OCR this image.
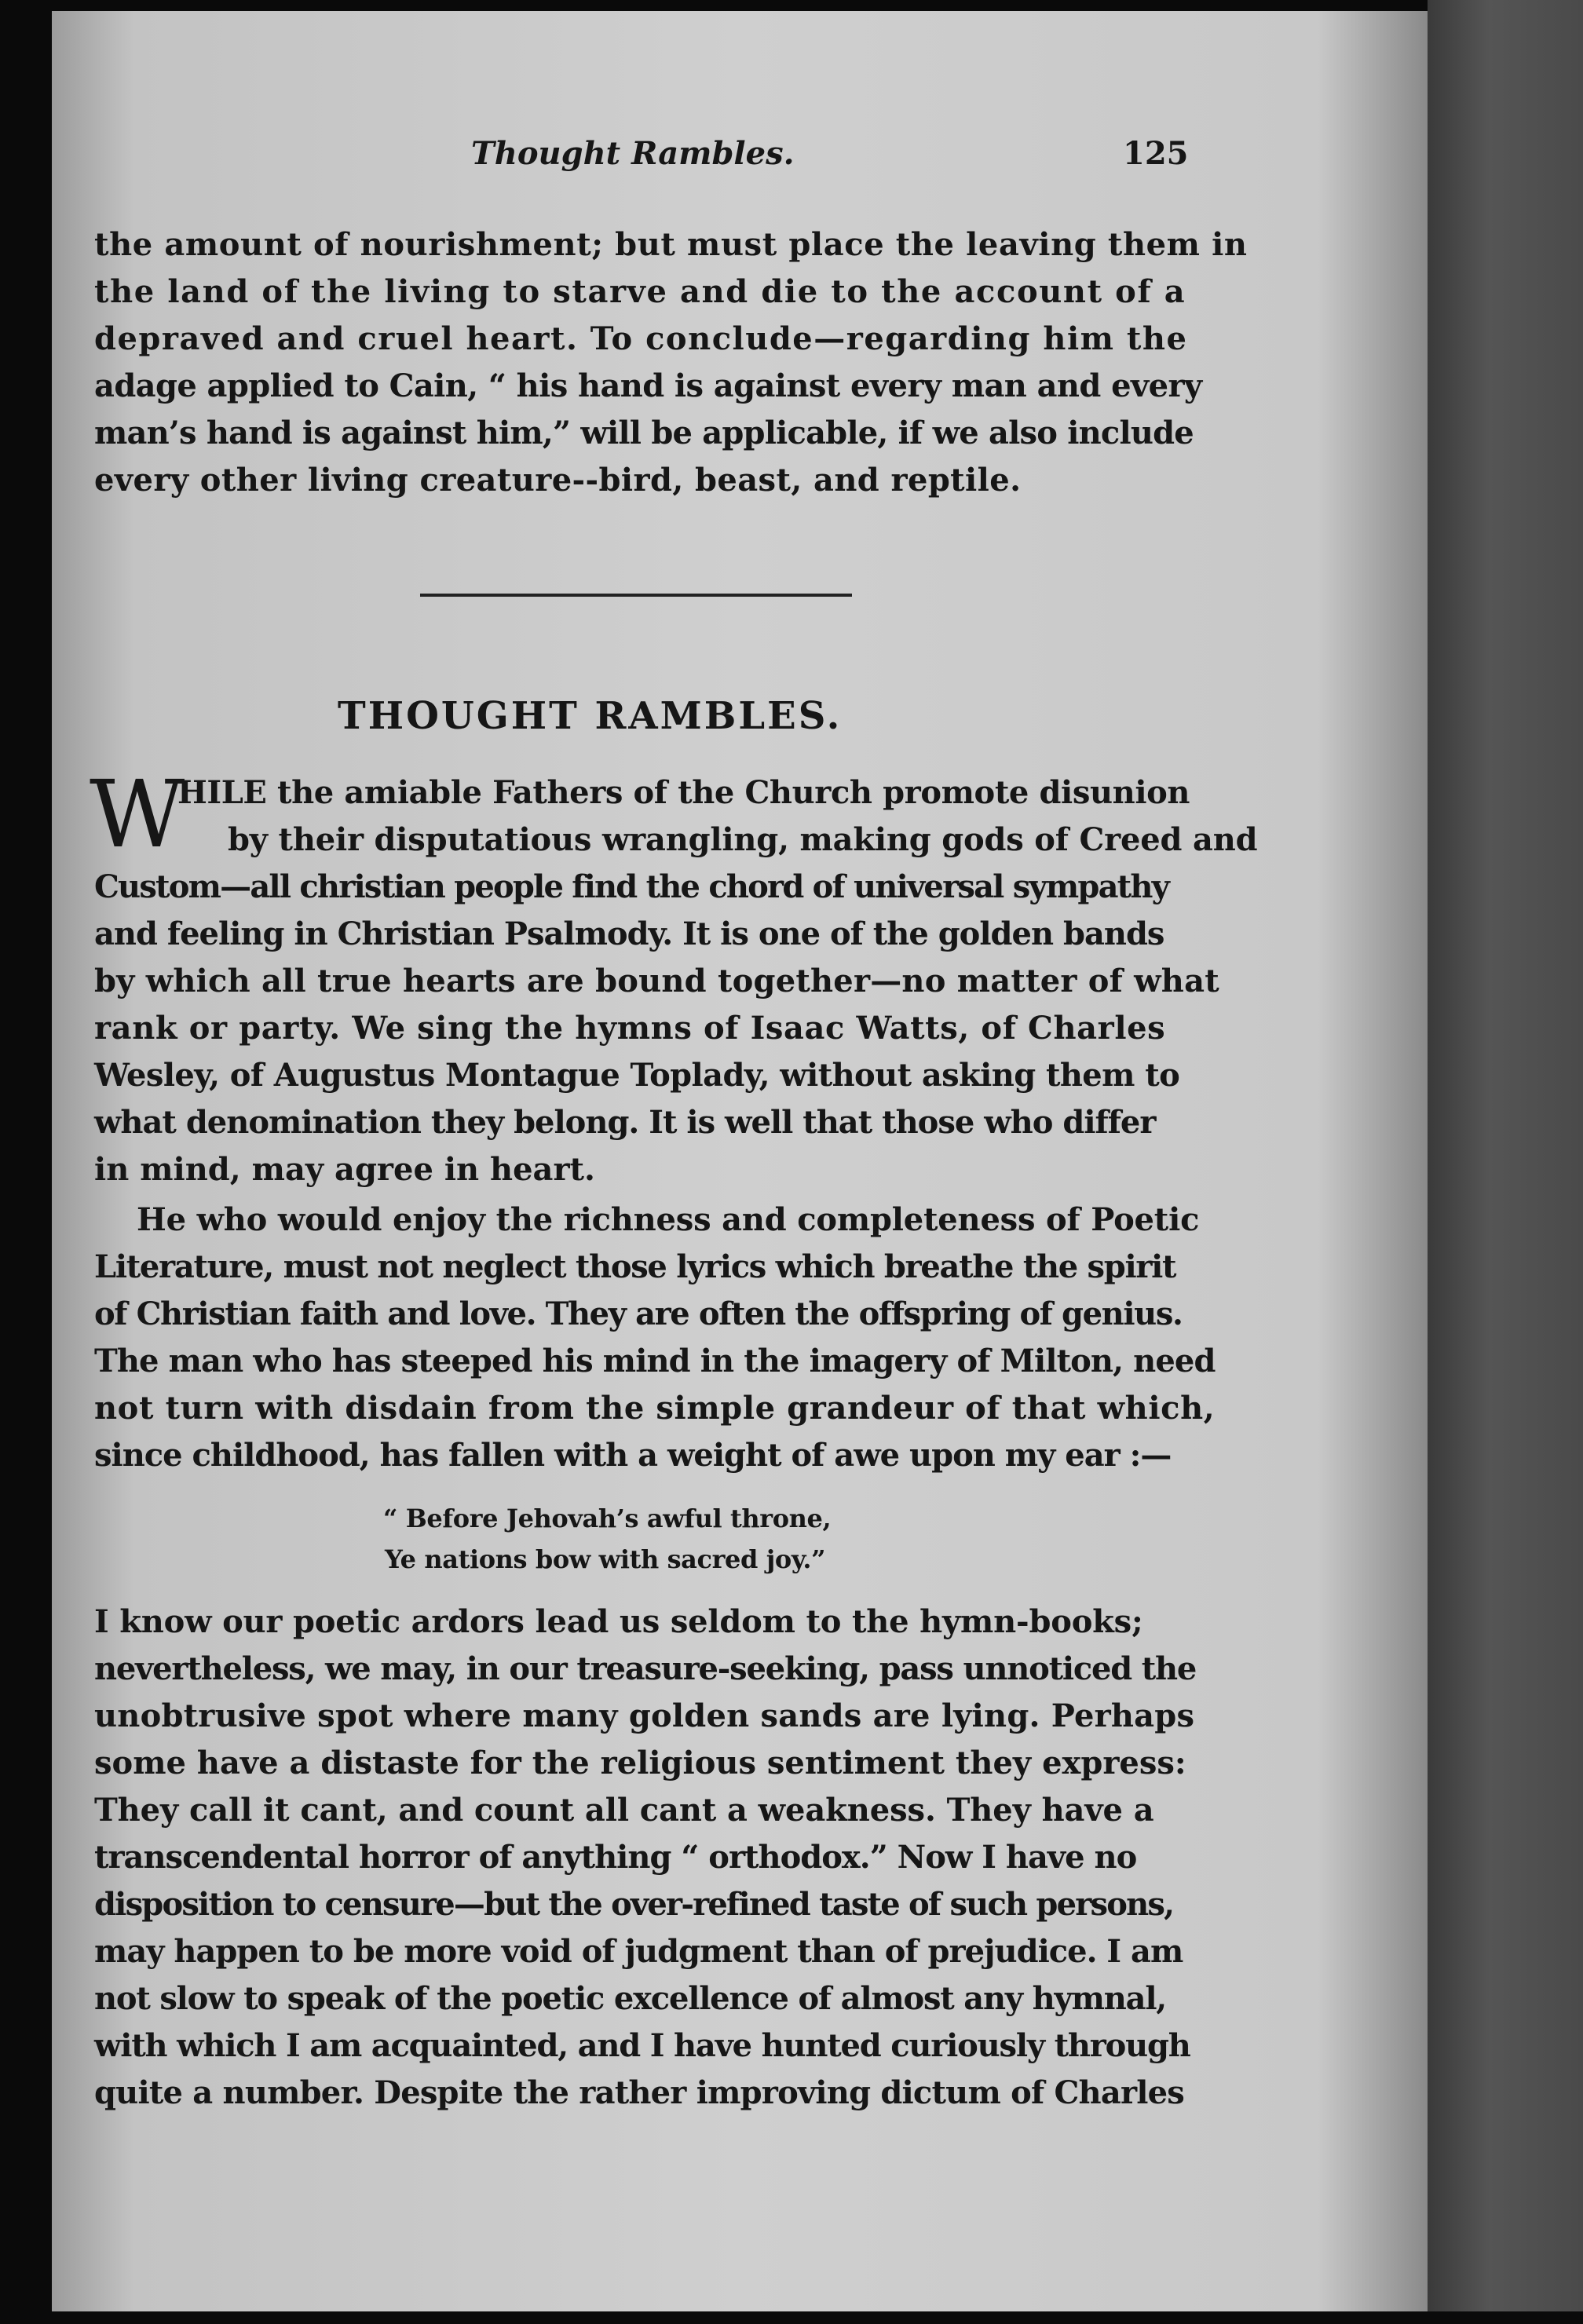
Thought Rambles.	125
the amount of nourishment; but must place the leaving them in
the land of the living to starve and die to the account of a
depraved and cruel heart. To conclude—regarding him the
adage applied to Cain, “ his hand is against every man and every
man’s hand is against him,” will be applicable, if we also include
every other living creature--bird, beast, and reptile.
THOUGHT RAMBLES.
W
HILE the amiable Fathers of the Church promote disunion
by their disputatious wrangling, making gods of Creed and
Custom—all christian people find the chord of universal sympathy
and feeling in Christian Psalmody. It is one of the golden bands
by which all true hearts are bound together—no matter of what
rank or party. We sing the hymns of Isaac Watts, of Charles
Wesley, of Augustus Montague Toplady, without asking them to
what denomination they belong. It is well that those who differ
in mind, may agree in heart.
He who would enjoy the richness and completeness of Poetic
Literature, must not neglect those lyrics which breathe the spirit
of Christian faith and love. They are often the offspring of genius.
The man who has steeped his mind in the imagery of Milton, need
not turn with disdain from the simple grandeur of that which,
since childhood, has fallen with a weight of awe upon my ear :—
“ Before Jehovah’s awful throne,
Ye nations bow with sacred joy.”
I know our poetic ardors lead us seldom to the hymn-books;
nevertheless, we may, in our treasure-seeking, pass unnoticed the
unobtrusive spot where many golden sands are lying. Perhaps
some have a distaste for the religious sentiment they express:
They call it cant, and count all cant a weakness. They have a
transcendental horror of anything “ orthodox.” Now I have no
disposition to censure—but the over-refined taste of such persons,
may happen to be more void of judgment than of prejudice. I am
not slow to speak of the poetic excellence of almost any hymnal,
with which I am acquainted, and I have hunted curiously through
quite a number. Despite the rather improving dictum of Charles
